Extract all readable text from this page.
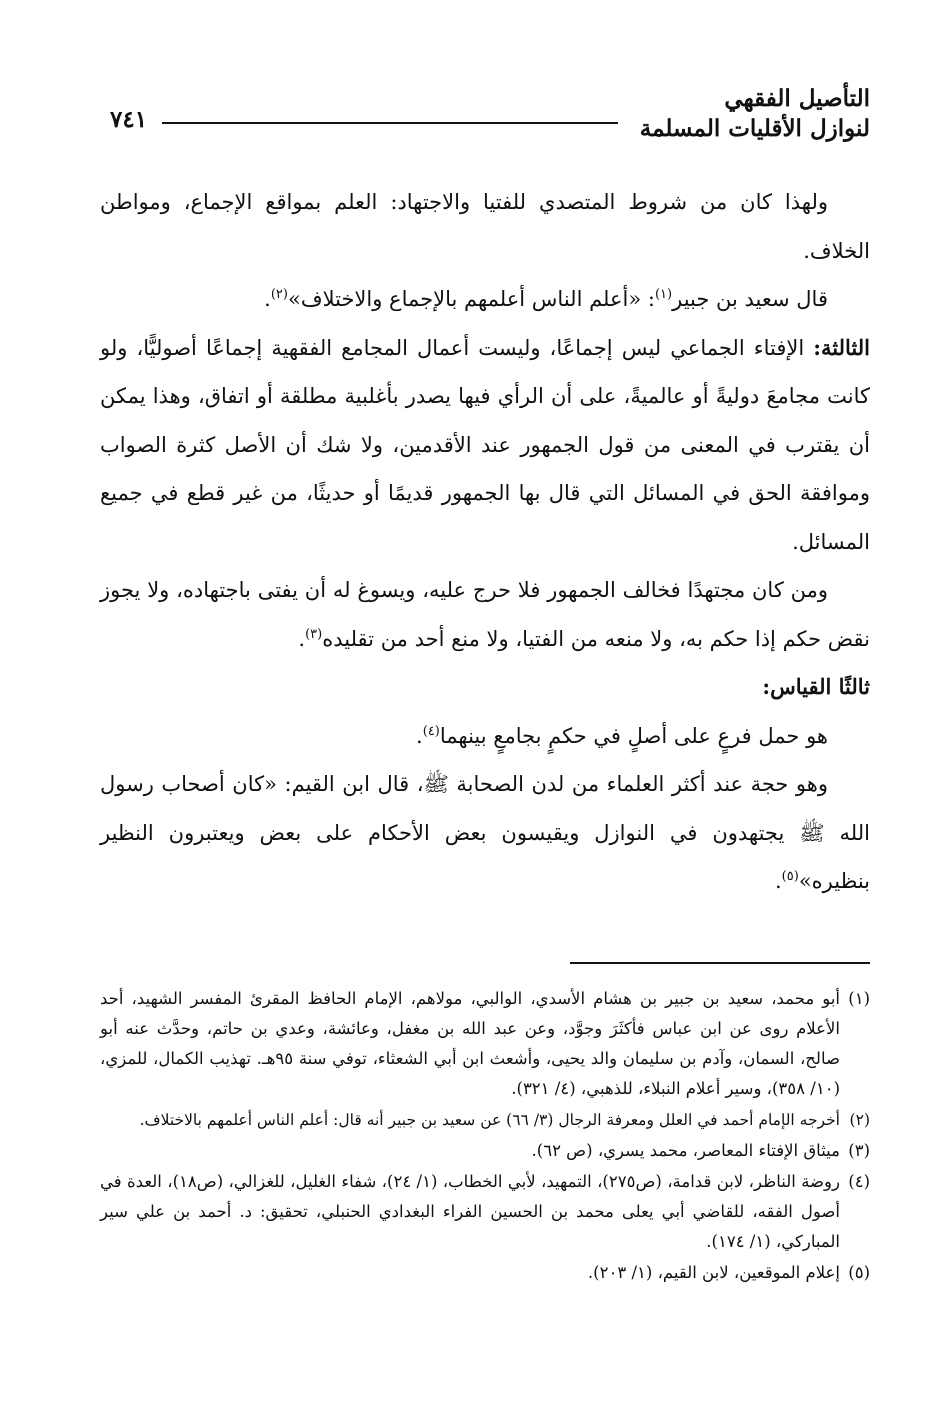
التأصيل الفقهي
لنوازل الأقليات المسلمة
٧٤١

ولهذا كان من شروط المتصدي للفتيا والاجتهاد: العلم بمواقع الإجماع، ومواطن الخلاف.

قال سعيد بن جبير$^{(١)}$: «أعلم الناس أعلمهم بالإجماع والاختلاف»$^{(٢)}$.

الثالثة: الإفتاء الجماعي ليس إجماعًا، وليست أعمال المجامع الفقهية إجماعًا أصوليًّا، ولو كانت مجامعَ دوليةً أو عالميةً، على أن الرأي فيها يصدر بأغلبية مطلقة أو اتفاق، وهذا يمكن أن يقترب في المعنى من قول الجمهور عند الأقدمين، ولا شك أن الأصل كثرة الصواب وموافقة الحق في المسائل التي قال بها الجمهور قديمًا أو حديثًا، من غير قطع في جميع المسائل.

ومن كان مجتهدًا فخالف الجمهور فلا حرج عليه، ويسوغ له أن يفتى باجتهاده، ولا يجوز نقض حكم إذا حكم به، ولا منعه من الفتيا، ولا منع أحد من تقليده$^{(٣)}$.

ثالثًا القياس:

هو حمل فرعٍ على أصلٍ في حكمٍ بجامعٍ بينهما$^{(٤)}$.

وهو حجة عند أكثر العلماء من لدن الصحابة ﷺ، قال ابن القيم: «كان أصحاب رسول الله ﷺ يجتهدون في النوازل ويقيسون بعض الأحكام على بعض ويعتبرون النظير بنظيره»$^{(٥)}$.

(١)أبو محمد، سعيد بن جبير بن هشام الأسدي، الوالبي، مولاهم، الإمام الحافظ المقرئ المفسر الشهيد، أحد الأعلام روى عن ابن عباس فأكثَرَ وجوَّد، وعن عبد الله بن مغفل، وعائشة، وعدي بن حاتم، وحدَّث عنه أبو صالح، السمان، وآدم بن سليمان والد يحيى، وأشعث ابن أبي الشعثاء، توفي سنة ٩٥هـ. تهذيب الكمال، للمزي، (١٠/ ٣٥٨)، وسير أعلام النبلاء، للذهبي، (٤/ ٣٢١).

(٢)أخرجه الإمام أحمد في العلل ومعرفة الرجال (٣/ ٦٦) عن سعيد بن جبير أنه قال: أعلم الناس أعلمهم بالاختلاف.

(٣)ميثاق الإفتاء المعاصر، محمد يسري، (ص ٦٢).

(٤)روضة الناظر، لابن قدامة، (ص٢٧٥)، التمهيد، لأبي الخطاب، (١/ ٢٤)، شفاء الغليل، للغزالي، (ص١٨)، العدة في أصول الفقه، للقاضي أبي يعلى محمد بن الحسين الفراء البغدادي الحنبلي، تحقيق: د. أحمد بن علي سير المباركي، (١/ ١٧٤).

(٥)إعلام الموقعين، لابن القيم، (١/ ٢٠٣).
